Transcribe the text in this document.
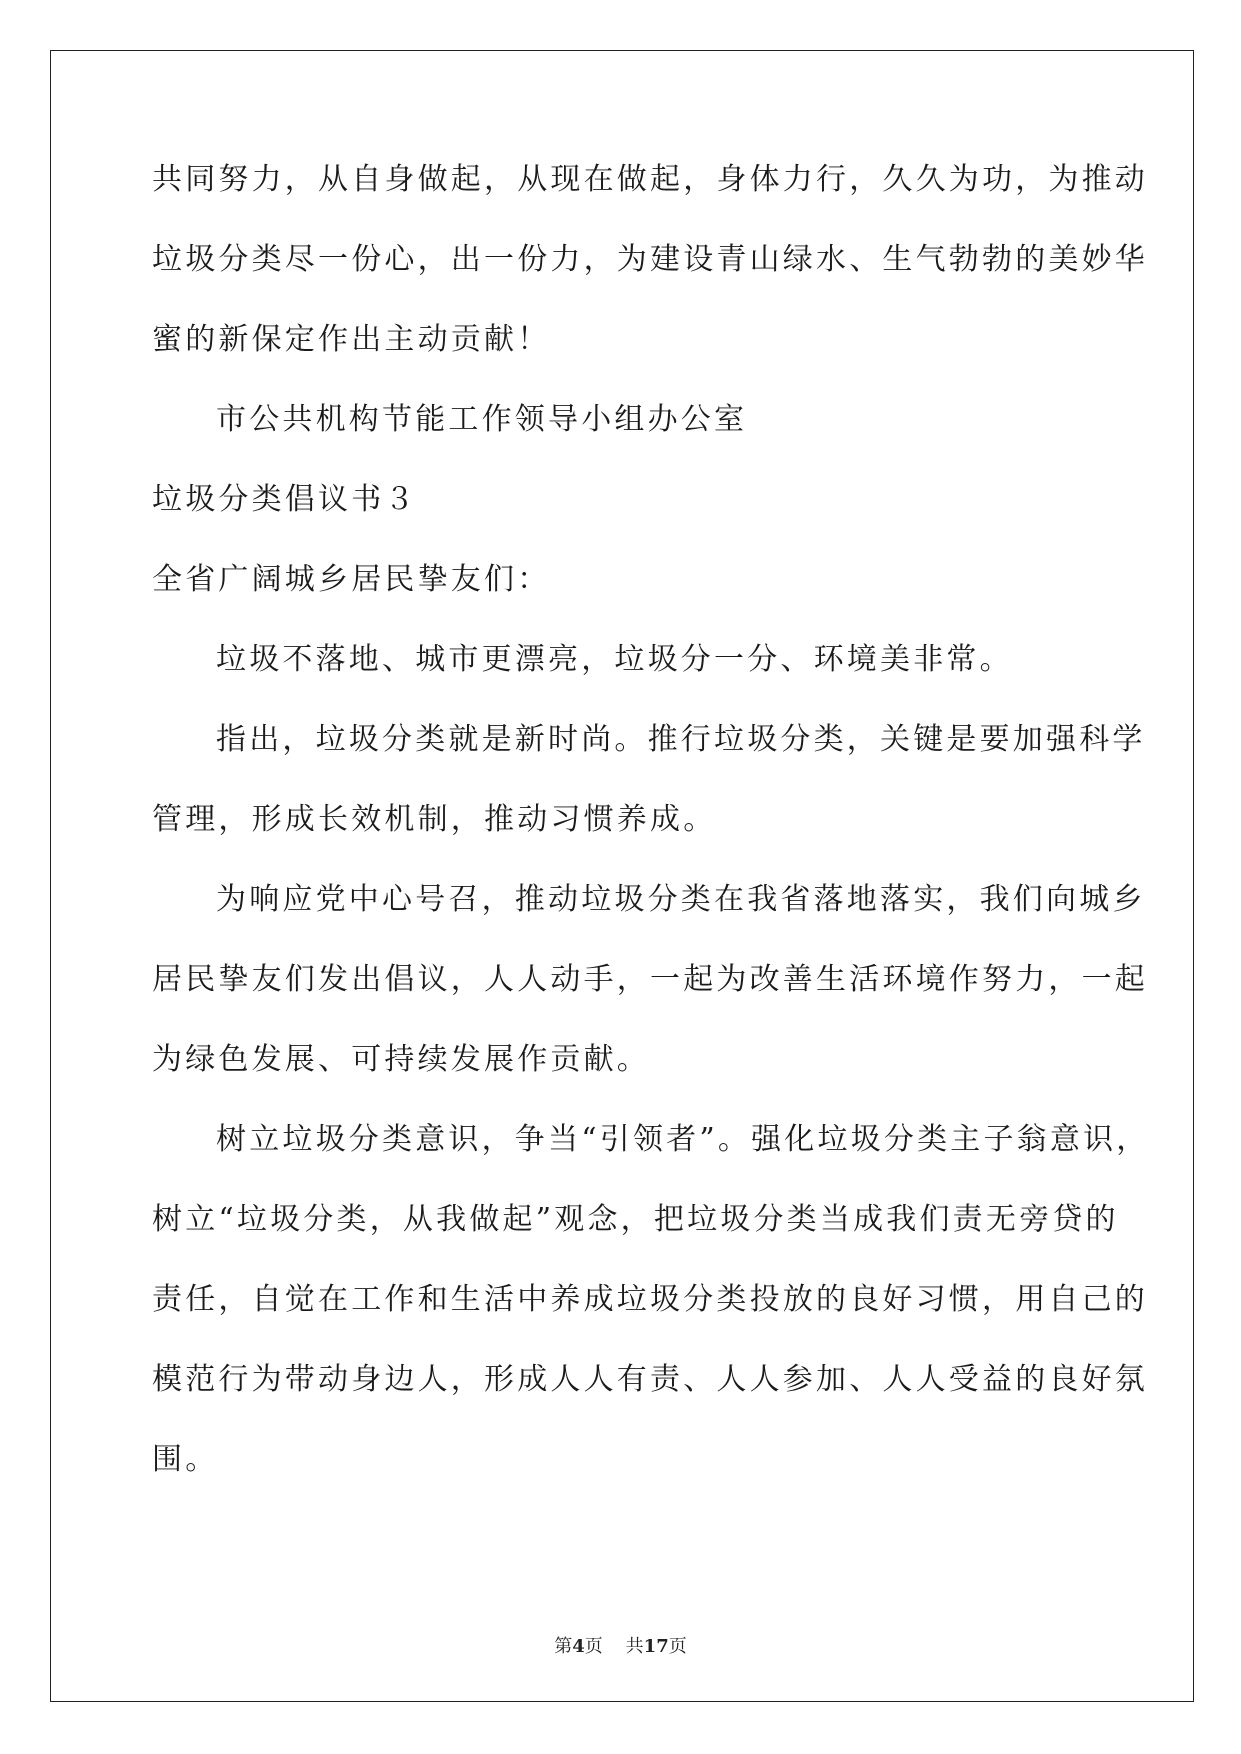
共同努力，从自身做起，从现在做起，身体力行，久久为功，为推动
垃圾分类尽一份心，出一份力，为建设青山绿水、生气勃勃的美妙华
蜜的新保定作出主动贡献！
市公共机构节能工作领导小组办公室
垃圾分类倡议书３
全省广阔城乡居民挚友们：
垃圾不落地、城市更漂亮，垃圾分一分、环境美非常。
指出，垃圾分类就是新时尚。推行垃圾分类，关键是要加强科学
管理，形成长效机制，推动习惯养成。
为响应党中心号召，推动垃圾分类在我省落地落实，我们向城乡
居民挚友们发出倡议，人人动手，一起为改善生活环境作努力，一起
为绿色发展、可持续发展作贡献。
树立垃圾分类意识，争当“引领者”。强化垃圾分类主子翁意识，
树立“垃圾分类，从我做起”观念，把垃圾分类当成我们责无旁贷的
责任，自觉在工作和生活中养成垃圾分类投放的良好习惯，用自己的
模范行为带动身边人，形成人人有责、人人参加、人人受益的良好氛
围。
第4页 共17页
